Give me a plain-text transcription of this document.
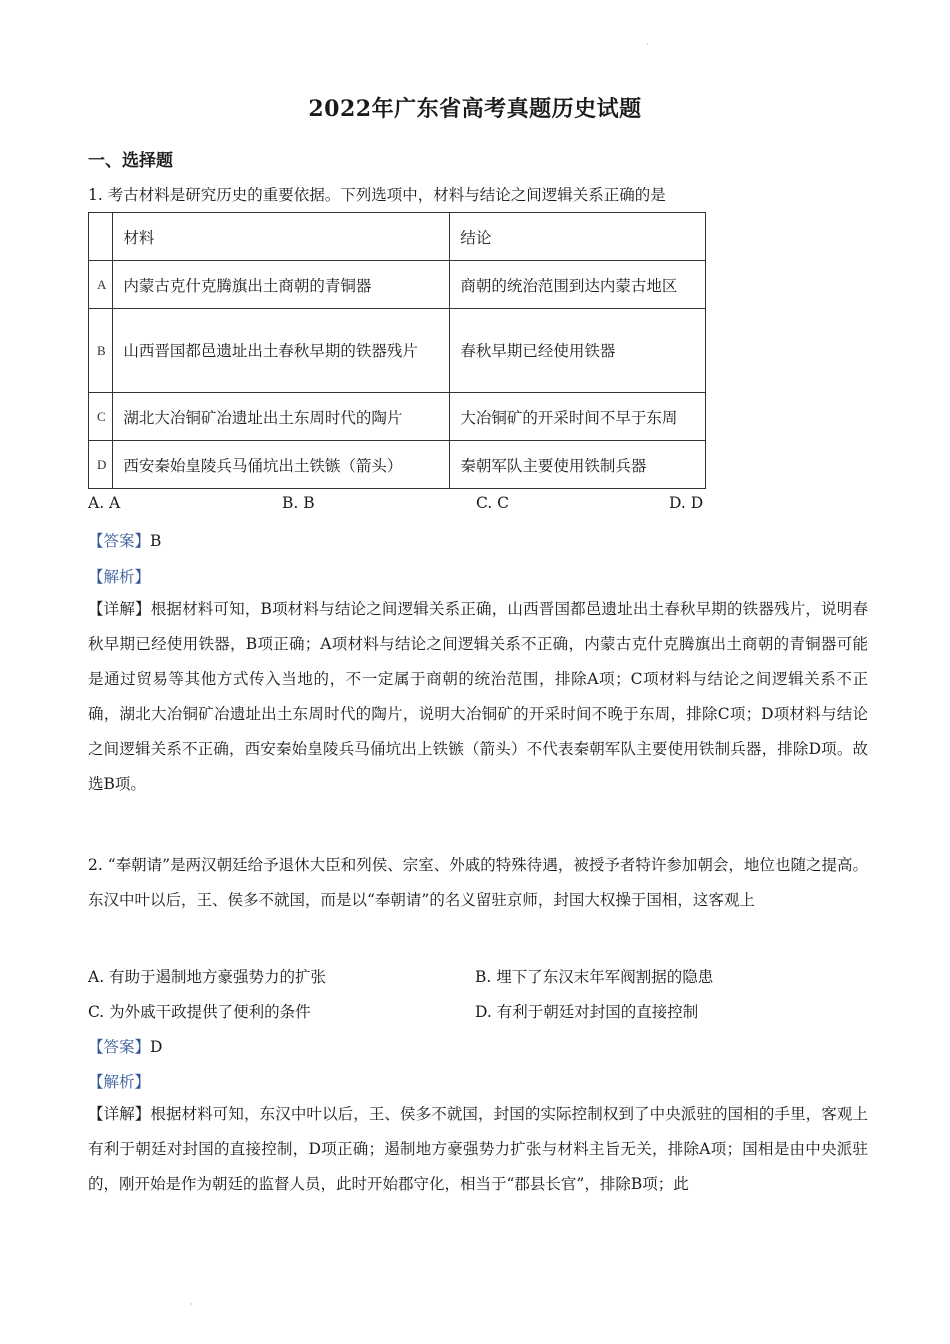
·
2022年广东省高考真题历史试题
一、选择题
1. 考古材料是研究历史的重要依据。下列选项中，材料与结论之间逻辑关系正确的是
	材料	结论
A	内蒙古克什克腾旗出土商朝的青铜器	商朝的统治范围到达内蒙古地区
B	山西晋国都邑遗址出土春秋早期的铁器残片	春秋早期已经使用铁器
C	湖北大冶铜矿冶遗址出土东周时代的陶片	大冶铜矿的开采时间不早于东周
D	西安秦始皇陵兵马俑坑出土铁镞（箭头）	秦朝军队主要使用铁制兵器
A. A	B. B	C. C	D. D
【答案】B
【解析】
【详解】根据材料可知，B项材料与结论之间逻辑关系正确，山西晋国都邑遗址出土春秋早期的铁器残片，说明春秋早期已经使用铁器，B项正确；A项材料与结论之间逻辑关系不正确，内蒙古克什克腾旗出土商朝的青铜器可能是通过贸易等其他方式传入当地的，不一定属于商朝的统治范围，排除A项；C项材料与结论之间逻辑关系不正确，湖北大冶铜矿冶遗址出土东周时代的陶片，说明大冶铜矿的开采时间不晚于东周，排除C项；D项材料与结论之间逻辑关系不正确，西安秦始皇陵兵马俑坑出上铁镞（箭头）不代表秦朝军队主要使用铁制兵器，排除D项。故选B项。
2. “奉朝请”是两汉朝廷给予退休大臣和列侯、宗室、外戚的特殊待遇，被授予者特许参加朝会，地位也随之提高。东汉中叶以后，王、侯多不就国，而是以“奉朝请”的名义留驻京师，封国大权操于国相，这客观上
A. 有助于遏制地方豪强势力的扩张	B. 埋下了东汉末年军阀割据的隐患
C. 为外戚干政提供了便利的条件	D. 有利于朝廷对封国的直接控制
【答案】D
【解析】
【详解】根据材料可知，东汉中叶以后，王、侯多不就国，封国的实际控制权到了中央派驻的国相的手里，客观上有利于朝廷对封国的直接控制，D项正确；遏制地方豪强势力扩张与材料主旨无关，排除A项；国相是由中央派驻的，刚开始是作为朝廷的监督人员，此时开始郡守化，相当于“郡县长官”，排除B项；此
·
